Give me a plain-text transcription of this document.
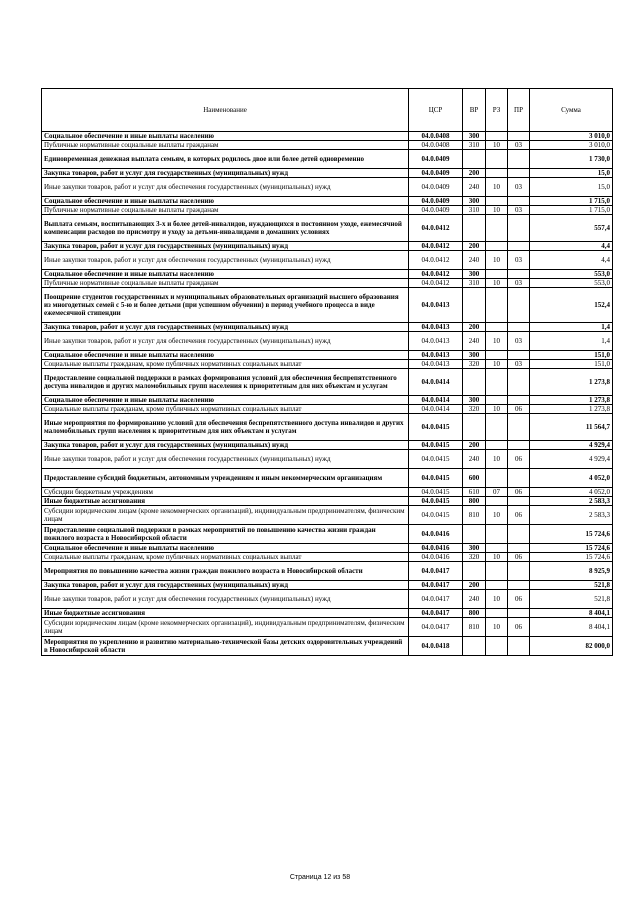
Наименование	ЦСР	ВР	РЗ	ПР	Сумма
Социальное обеспечение и иные выплаты населению	04.0.0408	300			3 010,0
Публичные нормативные социальные выплаты гражданам	04.0.0408	310	10	03	3 010,0
Единовременная денежная выплата семьям, в которых родилось двое или более детей одновременно	04.0.0409				1 730,0
Закупка товаров, работ и услуг для государственных (муниципальных) нужд	04.0.0409	200			15,0
Иные закупки товаров, работ и услуг для обеспечения государственных (муниципальных) нужд	04.0.0409	240	10	03	15,0
Социальное обеспечение и иные выплаты населению	04.0.0409	300			1 715,0
Публичные нормативные социальные выплаты гражданам	04.0.0409	310	10	03	1 715,0
Выплата семьям, воспитывающих 3-х и более детей-инвалидов, нуждающихся в постоянном уходе, ежемесячной компенсации расходов по присмотру и уходу за детьми-инвалидами в домашних условиях	04.0.0412				557,4
Закупка товаров, работ и услуг для государственных (муниципальных) нужд	04.0.0412	200			4,4
Иные закупки товаров, работ и услуг для обеспечения государственных (муниципальных) нужд	04.0.0412	240	10	03	4,4
Социальное обеспечение и иные выплаты населению	04.0.0412	300			553,0
Публичные нормативные социальные выплаты гражданам	04.0.0412	310	10	03	553,0
Поощрение студентов государственных и муниципальных образовательных организаций высшего образования из многодетных семей с 5-ю и более детьми (при успешном обучении) в период учебного процесса в виде ежемесячной стипендии	04.0.0413				152,4
Закупка товаров, работ и услуг для государственных (муниципальных) нужд	04.0.0413	200			1,4
Иные закупки товаров, работ и услуг для обеспечения государственных (муниципальных) нужд	04.0.0413	240	10	03	1,4
Социальное обеспечение и иные выплаты населению	04.0.0413	300			151,0
Социальные выплаты гражданам, кроме публичных нормативных социальных выплат	04.0.0413	320	10	03	151,0
Предоставление социальной поддержки в рамках формирования условий для обеспечения беспрепятственного доступа инвалидов и других маломобильных групп населения к приоритетным для них объектам и услугам	04.0.0414				1 273,8
Социальное обеспечение и иные выплаты населению	04.0.0414	300			1 273,8
Социальные выплаты гражданам, кроме публичных нормативных социальных выплат	04.0.0414	320	10	06	1 273,8
Иные мероприятия по формированию условий для обеспечения беспрепятственного доступа инвалидов и других маломобильных групп населения к приоритетным для них объектам и услугам	04.0.0415				11 564,7
Закупка товаров, работ и услуг для государственных (муниципальных) нужд	04.0.0415	200			4 929,4
Иные закупки товаров, работ и услуг для обеспечения государственных (муниципальных) нужд	04.0.0415	240	10	06	4 929,4
Предоставление субсидий бюджетным, автономным учреждениям и иным некоммерческим организациям	04.0.0415	600			4 052,0
Субсидии бюджетным учреждениям	04.0.0415	610	07	06	4 052,0
Иные бюджетные ассигнования	04.0.0415	800			2 583,3
Субсидии юридическим лицам (кроме некоммерческих организаций), индивидуальным предпринимателям, физическим лицам	04.0.0415	810	10	06	2 583,3
Предоставление социальной поддержки в рамках мероприятий по повышению качества жизни граждан пожилого возраста в Новосибирской области	04.0.0416				15 724,6
Социальное обеспечение и иные выплаты населению	04.0.0416	300			15 724,6
Социальные выплаты гражданам, кроме публичных нормативных социальных выплат	04.0.0416	320	10	06	15 724,6
Мероприятия по повышению качества жизни граждан пожилого возраста в Новосибирской области	04.0.0417				8 925,9
Закупка товаров, работ и услуг для государственных (муниципальных) нужд	04.0.0417	200			521,8
Иные закупки товаров, работ и услуг для обеспечения государственных (муниципальных) нужд	04.0.0417	240	10	06	521,8
Иные бюджетные ассигнования	04.0.0417	800			8 404,1
Субсидии юридическим лицам (кроме некоммерческих организаций), индивидуальным предпринимателям, физическим лицам	04.0.0417	810	10	06	8 404,1
Мероприятия по укреплению и развитию материально-технической базы детских оздоровительных учреждений в Новосибирской области	04.0.0418				82 000,0
Страница 12 из 58
